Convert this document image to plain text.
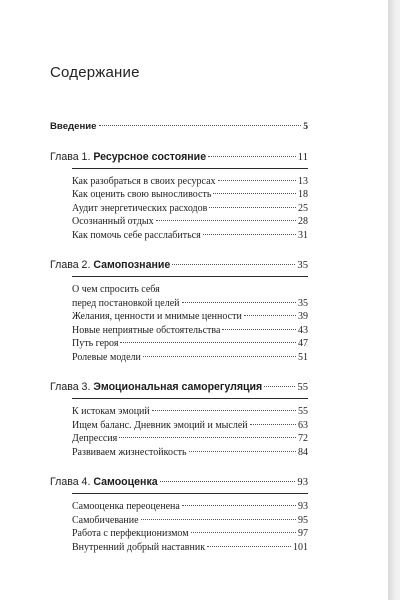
Содержание
Введение	5
Глава 1. Ресурсное состояние	11
Как разобраться в своих ресурсах	13
Как оценить свою выносливость	18
Аудит энергетических расходов	25
Осознанный отдых	28
Как помочь себе расслабиться	31
Глава 2. Самопознание	35
О чем спросить себя
перед постановкой целей	35
Желания, ценности и мнимые ценности	39
Новые неприятные обстоятельства	43
Путь героя	47
Ролевые модели	51
Глава 3. Эмоциональная саморегуляция	55
К истокам эмоций	55
Ищем баланс. Дневник эмоций и мыслей	63
Депрессия	72
Развиваем жизнестойкость	84
Глава 4. Самооценка	93
Самооценка переоценена	93
Самобичевание	95
Работа с перфекционизмом	97
Внутренний добрый наставник	101
